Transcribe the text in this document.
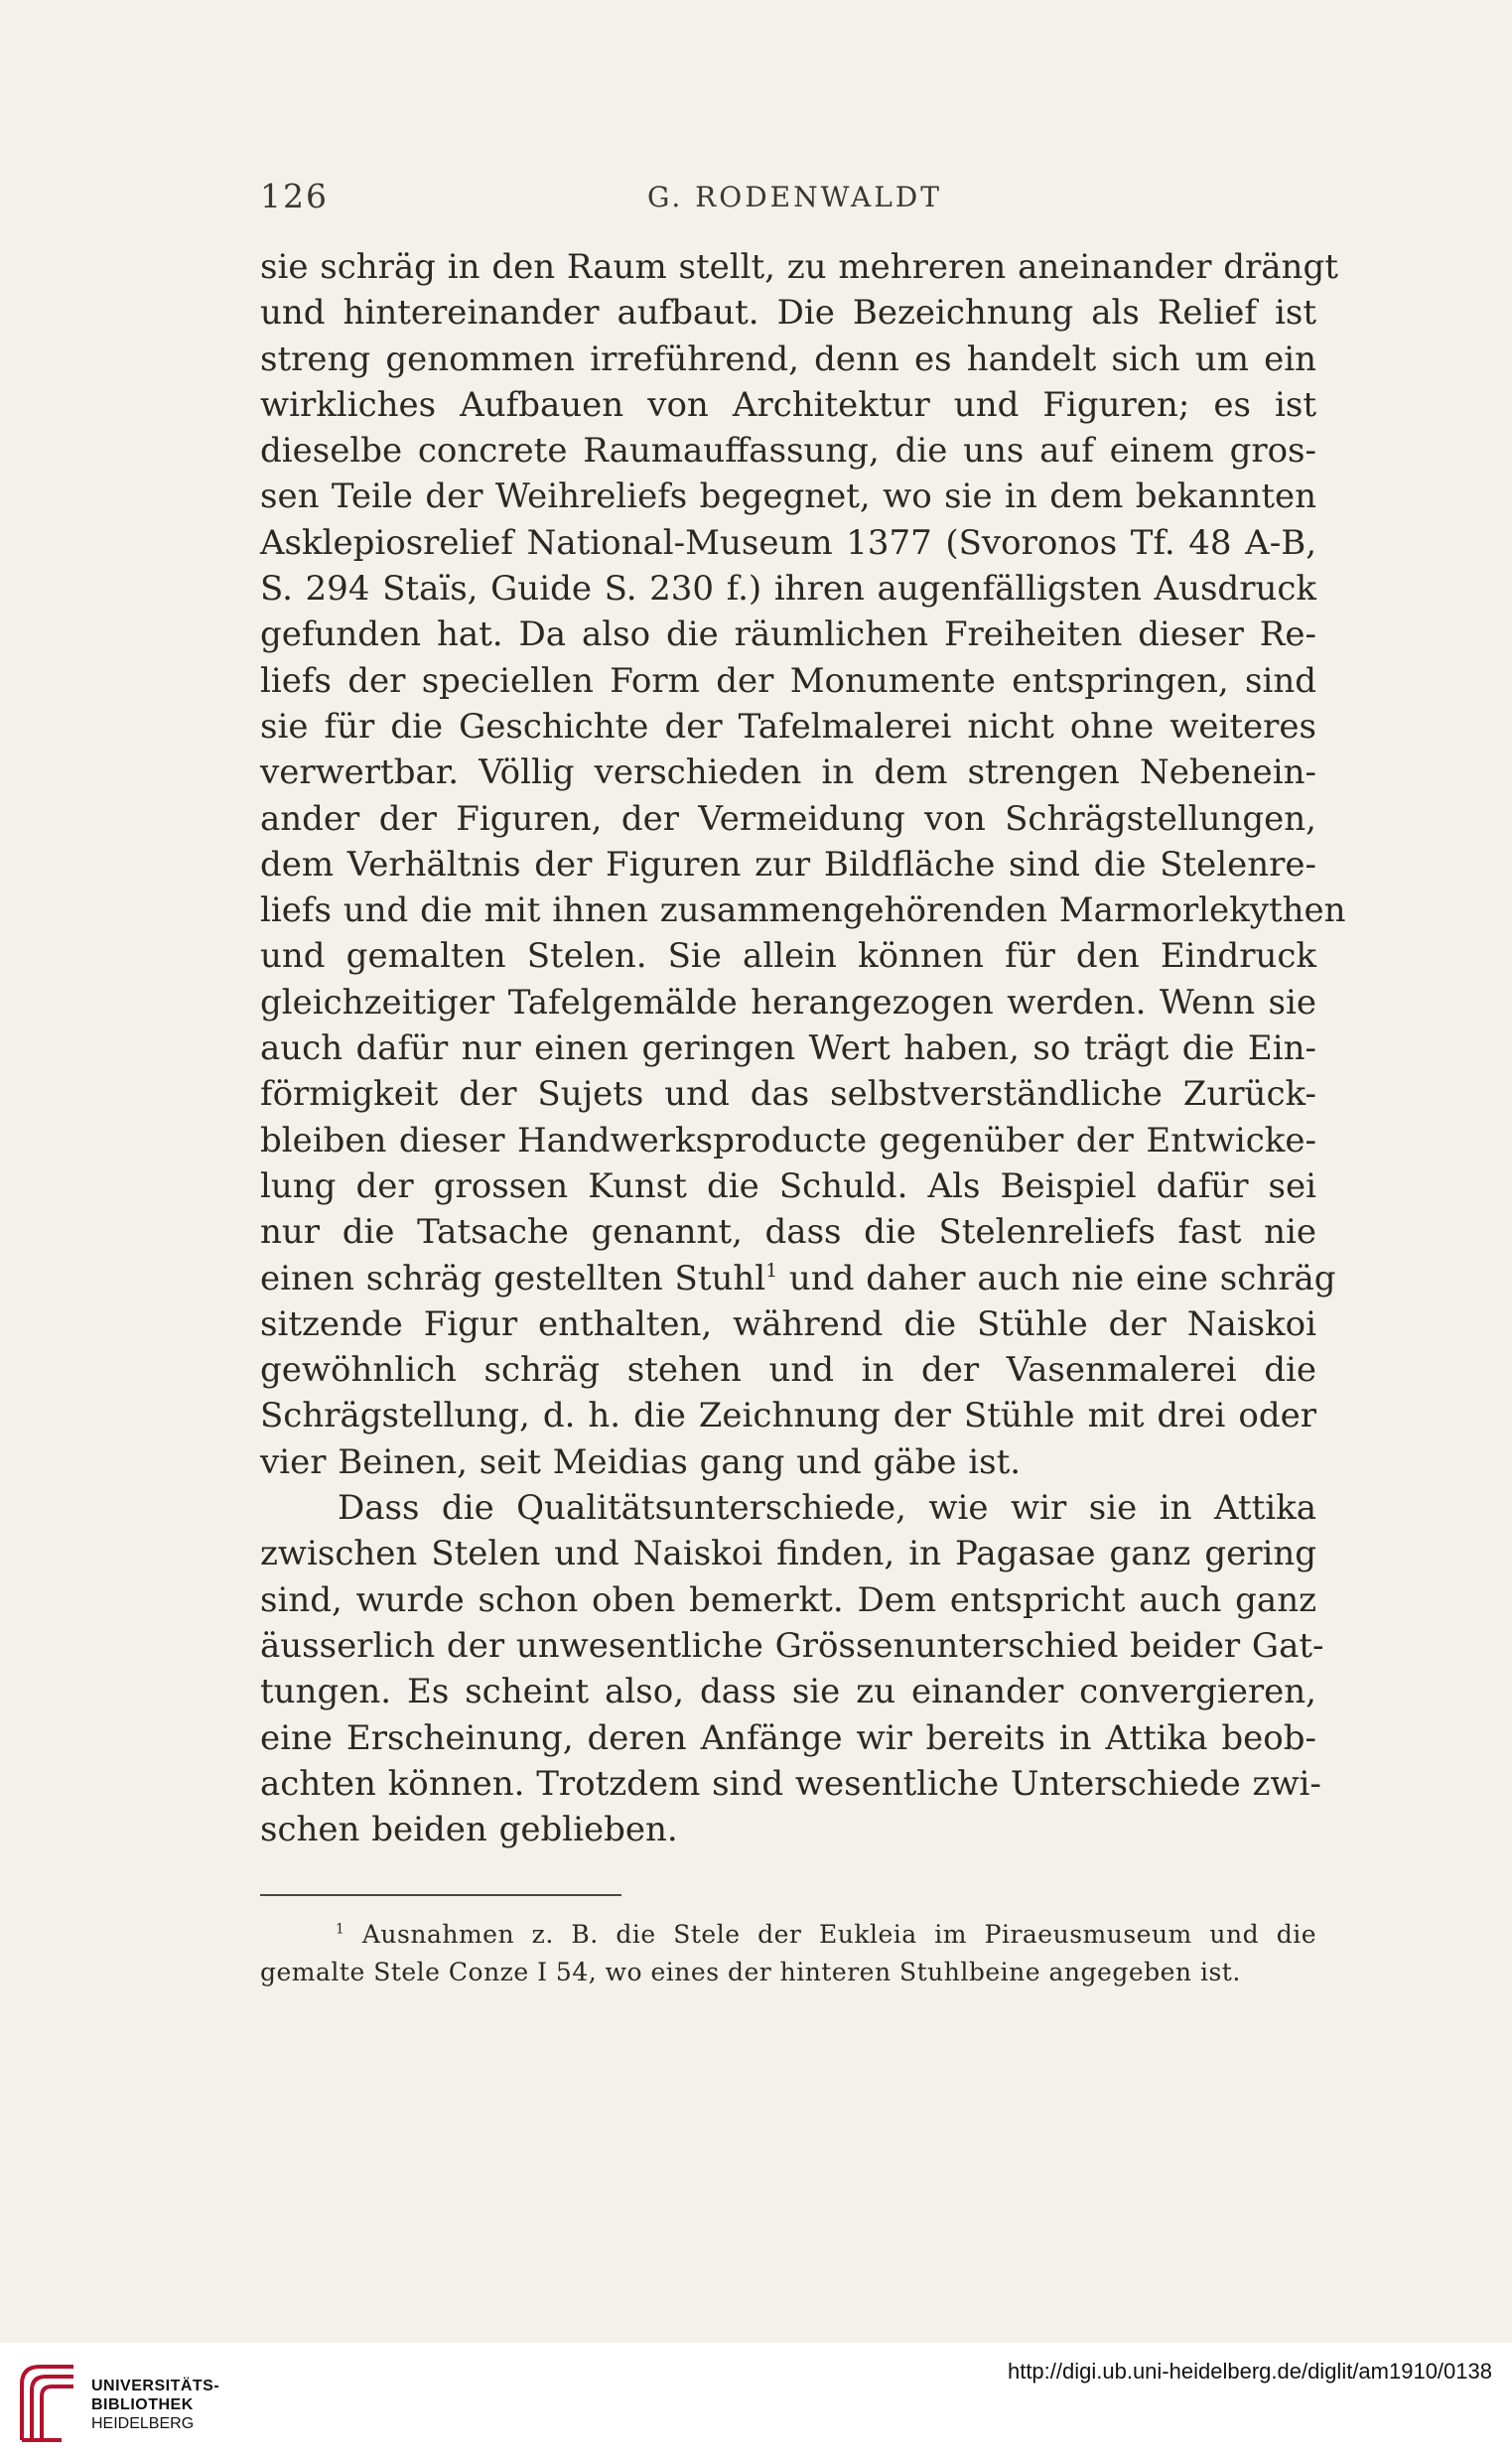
126	G. RODENWALDT
sie schräg in den Raum stellt, zu mehreren aneinander drängt
und hintereinander aufbaut. Die Bezeichnung als Relief ist
streng genommen irreführend, denn es handelt sich um ein
wirkliches Aufbauen von Architektur und Figuren; es ist
dieselbe concrete Raumauffassung, die uns auf einem gros-
sen Teile der Weihreliefs begegnet, wo sie in dem bekannten
Asklepiosrelief National-Museum 1377 (Svoronos Tf. 48 A-B,
S. 294 Staïs, Guide S. 230 f.) ihren augenfälligsten Ausdruck
gefunden hat. Da also die räumlichen Freiheiten dieser Re-
liefs der speciellen Form der Monumente entspringen, sind
sie für die Geschichte der Tafelmalerei nicht ohne weiteres
verwertbar. Völlig verschieden in dem strengen Nebenein-
ander der Figuren, der Vermeidung von Schrägstellungen,
dem Verhältnis der Figuren zur Bildfläche sind die Stelenre-
liefs und die mit ihnen zusammengehörenden Marmorlekythen
und gemalten Stelen. Sie allein können für den Eindruck
gleichzeitiger Tafelgemälde herangezogen werden. Wenn sie
auch dafür nur einen geringen Wert haben, so trägt die Ein-
förmigkeit der Sujets und das selbstverständliche Zurück-
bleiben dieser Handwerksproducte gegenüber der Entwicke-
lung der grossen Kunst die Schuld. Als Beispiel dafür sei
nur die Tatsache genannt, dass die Stelenreliefs fast nie
einen schräg gestellten Stuhl$^1$ und daher auch nie eine schräg
sitzende Figur enthalten, während die Stühle der Naiskoi
gewöhnlich schräg stehen und in der Vasenmalerei die
Schrägstellung, d. h. die Zeichnung der Stühle mit drei oder
vier Beinen, seit Meidias gang und gäbe ist.
Dass die Qualitätsunterschiede, wie wir sie in Attika
zwischen Stelen und Naiskoi finden, in Pagasae ganz gering
sind, wurde schon oben bemerkt. Dem entspricht auch ganz
äusserlich der unwesentliche Grössenunterschied beider Gat-
tungen. Es scheint also, dass sie zu einander convergieren,
eine Erscheinung, deren Anfänge wir bereits in Attika beob-
achten können. Trotzdem sind wesentliche Unterschiede zwi-
schen beiden geblieben.
$^1$ Ausnahmen z. B. die Stele der Eukleia im Piraeusmuseum und die
gemalte Stele Conze I 54, wo eines der hinteren Stuhlbeine angegeben ist.
UNIVERSITÄTS-
BIBLIOTHEK
HEIDELBERG
http://digi.ub.uni-heidelberg.de/diglit/am1910/0138
